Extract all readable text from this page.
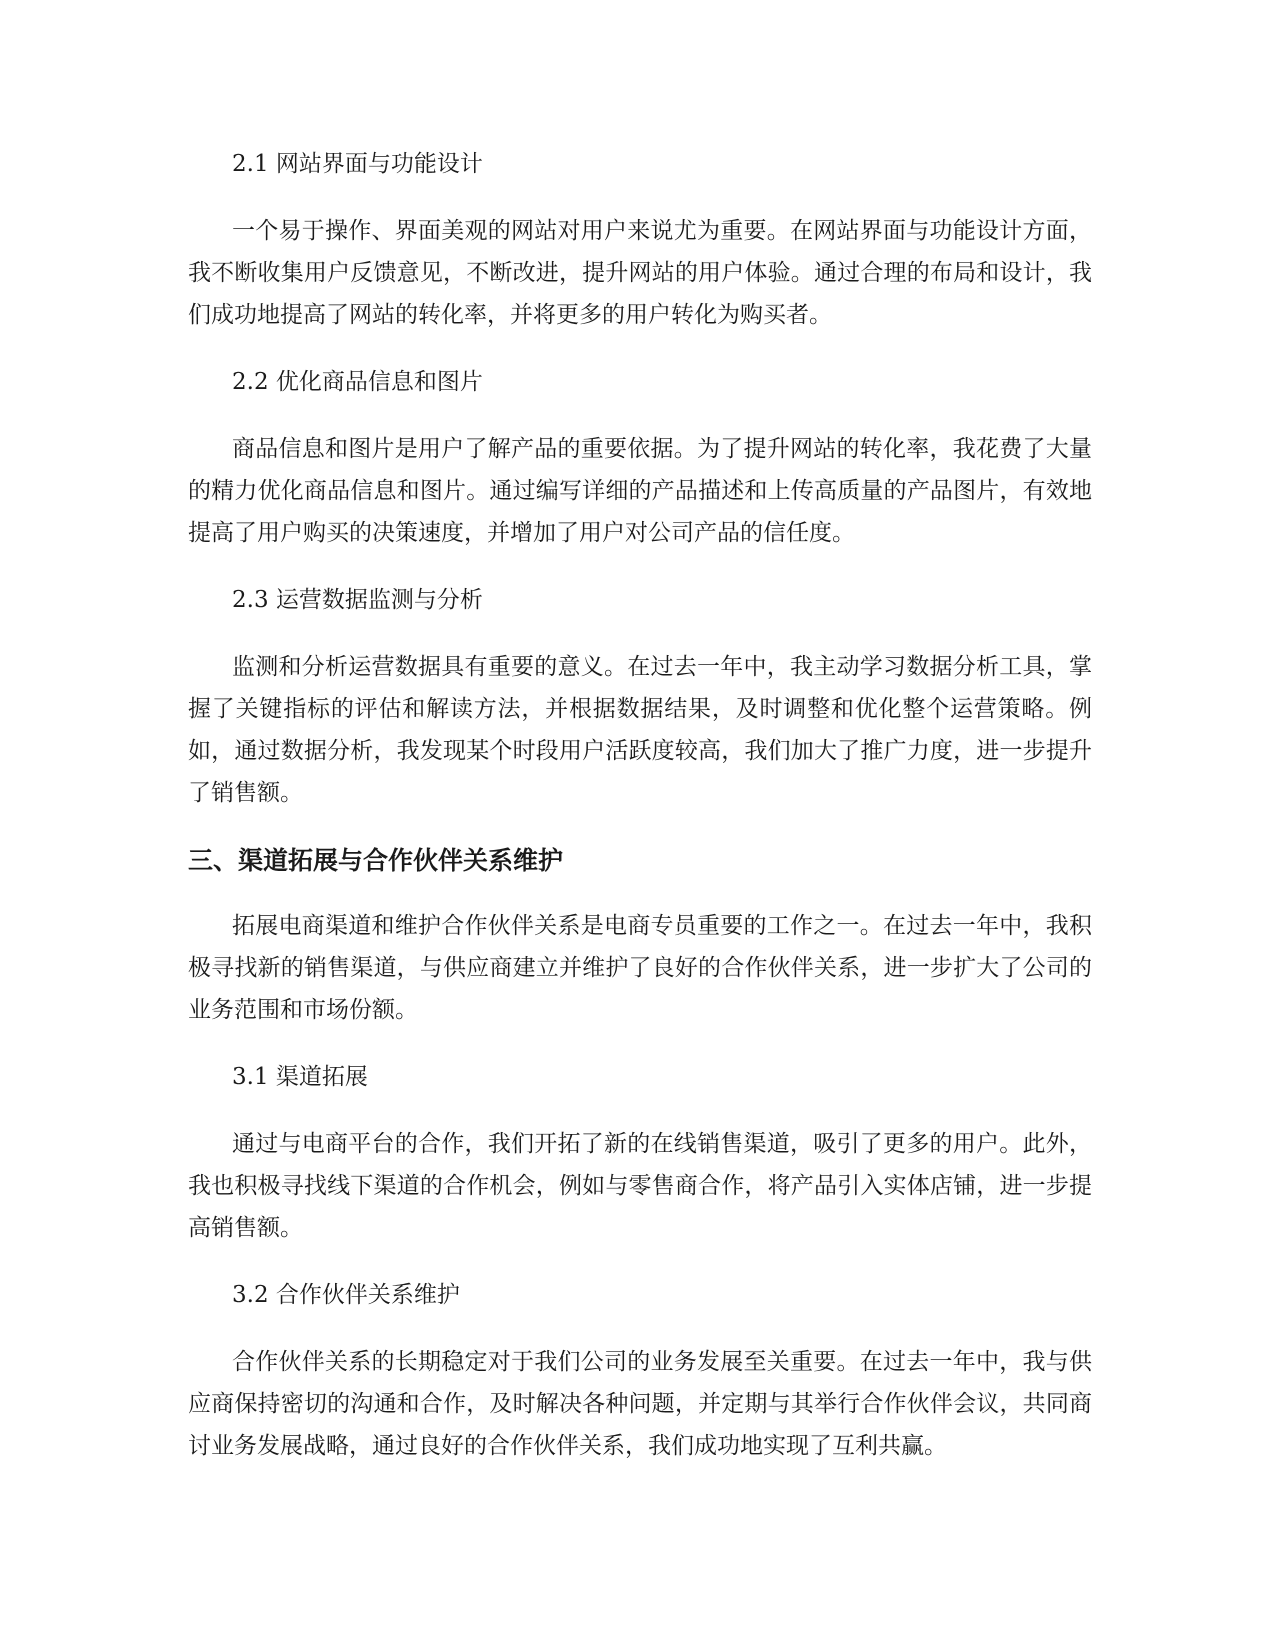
2.1 网站界面与功能设计

一个易于操作、界面美观的网站对用户来说尤为重要。在网站界面与功能设计方面，我不断收集用户反馈意见，不断改进，提升网站的用户体验。通过合理的布局和设计，我们成功地提高了网站的转化率，并将更多的用户转化为购买者。

2.2 优化商品信息和图片

商品信息和图片是用户了解产品的重要依据。为了提升网站的转化率，我花费了大量的精力优化商品信息和图片。通过编写详细的产品描述和上传高质量的产品图片，有效地提高了用户购买的决策速度，并增加了用户对公司产品的信任度。

2.3 运营数据监测与分析

监测和分析运营数据具有重要的意义。在过去一年中，我主动学习数据分析工具，掌握了关键指标的评估和解读方法，并根据数据结果，及时调整和优化整个运营策略。例如，通过数据分析，我发现某个时段用户活跃度较高，我们加大了推广力度，进一步提升了销售额。

三、渠道拓展与合作伙伴关系维护

拓展电商渠道和维护合作伙伴关系是电商专员重要的工作之一。在过去一年中，我积极寻找新的销售渠道，与供应商建立并维护了良好的合作伙伴关系，进一步扩大了公司的业务范围和市场份额。

3.1 渠道拓展

通过与电商平台的合作，我们开拓了新的在线销售渠道，吸引了更多的用户。此外，我也积极寻找线下渠道的合作机会，例如与零售商合作，将产品引入实体店铺，进一步提高销售额。

3.2 合作伙伴关系维护

合作伙伴关系的长期稳定对于我们公司的业务发展至关重要。在过去一年中，我与供应商保持密切的沟通和合作，及时解决各种问题，并定期与其举行合作伙伴会议，共同商讨业务发展战略，通过良好的合作伙伴关系，我们成功地实现了互利共赢。
